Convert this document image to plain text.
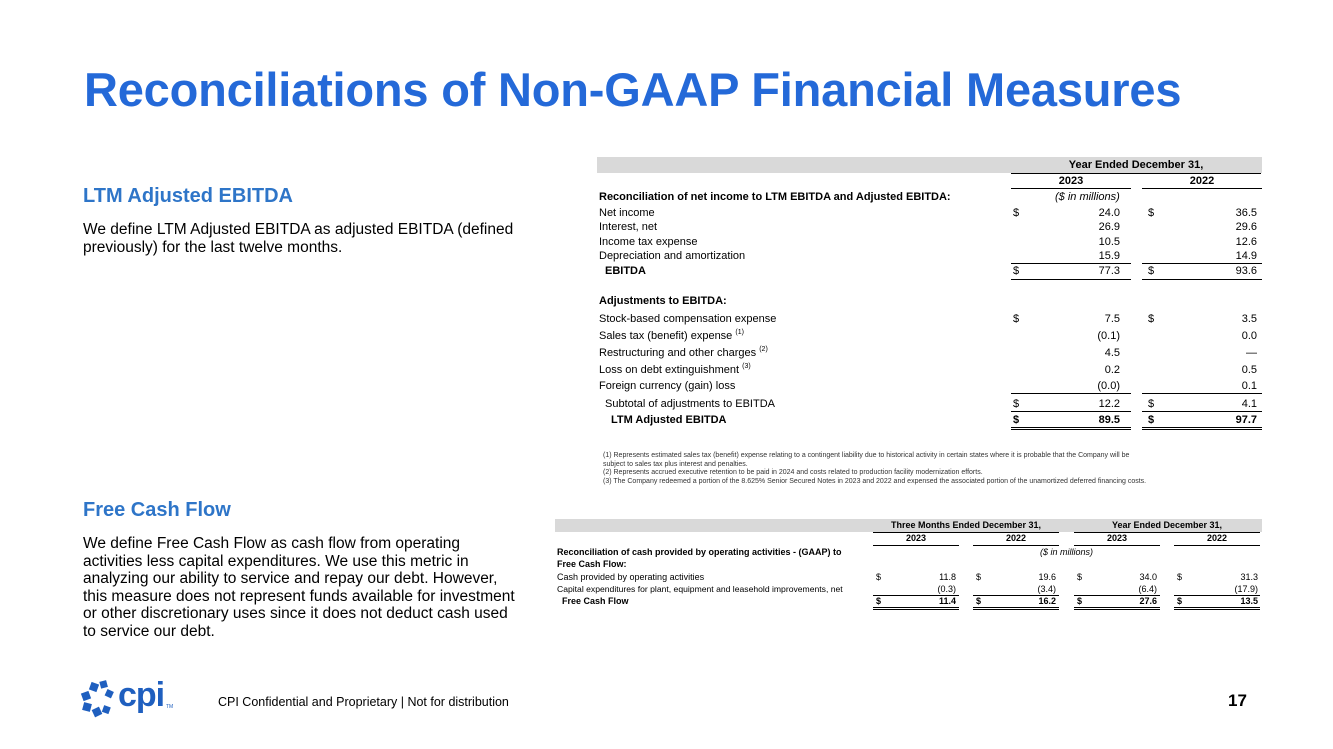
Reconciliations of Non-GAAP Financial Measures
LTM Adjusted EBITDA
We define LTM Adjusted EBITDA as adjusted EBITDA (defined previously) for the last twelve months.
Free Cash Flow
We define Free Cash Flow as cash flow from operating activities less capital expenditures. We use this metric in analyzing our ability to service and repay our debt. However, this measure does not represent funds available for investment or other discretionary uses since it does not deduct cash used to service our debt.
Year Ended December 31,
2023	2022
Reconciliation of net income to LTM EBITDA and Adjusted EBITDA:	($ in millions)
Net income	$	24.0	$	36.5
Interest, net	26.9	29.6
Income tax expense	10.5	12.6
Depreciation and amortization	15.9	14.9
EBITDA	$	77.3	$	93.6
Adjustments to EBITDA:
Stock-based compensation expense	$	7.5	$	3.5
Sales tax (benefit) expense $^{(1)}$	(0.1)	0.0
Restructuring and other charges $^{(2)}$	4.5	—
Loss on debt extinguishment $^{(3)}$	0.2	0.5
Foreign currency (gain) loss	(0.0)	0.1
Subtotal of adjustments to EBITDA	$	12.2	$	4.1
LTM Adjusted EBITDA	$	89.5	$	97.7
(1) Represents estimated sales tax (benefit) expense relating to a contingent liability due to historical activity in certain states where it is probable that the Company will be
subject to sales tax plus interest and penalties.
(2) Represents accrued executive retention to be paid in 2024 and costs related to production facility modernization efforts.
(3) The Company redeemed a portion of the 8.625% Senior Secured Notes in 2023 and 2022 and expensed the associated portion of the unamortized deferred financing costs.
Three Months Ended December 31,	Year Ended December 31,
2023	2022	2023	2022
Reconciliation of cash provided by operating activities - (GAAP) to	($ in millions)
Free Cash Flow:
Cash provided by operating activities	$	11.8 $	19.6 $	34.0 $	31.3
Capital expenditures for plant, equipment and leasehold improvements, net	(0.3)	(3.4)	(6.4)	(17.9)
Free Cash Flow	$	11.4 $	16.2 $	27.6 $	13.5
cpi TM	CPI Confidential and Proprietary | Not for distribution	17
